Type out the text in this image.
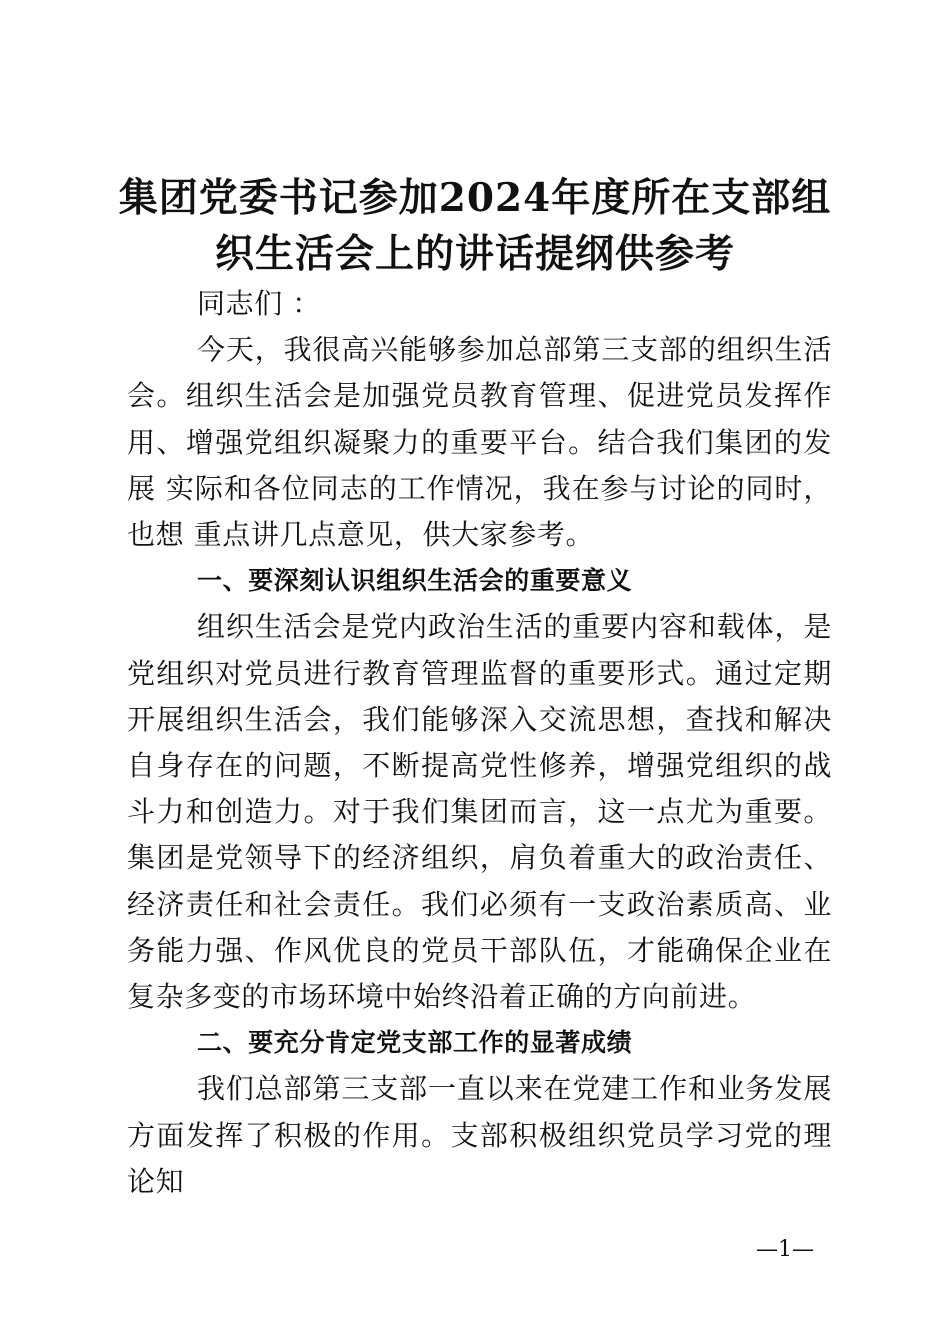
集团党委书记参加2024年度所在支部组织生活会上的讲话提纲供参考

同志们 ：

今天，我很高兴能够参加总部第三支部的组织生活会。组织生活会是加强党员教育管理、促进党员发挥作用、增强党组织凝聚力的重要平台。结合我们集团的发展 实际和各位同志的工作情况，我在参与讨论的同时，也想 重点讲几点意见，供大家参考。

一、要深刻认识组织生活会的重要意义

组织生活会是党内政治生活的重要内容和载体，是党组织对党员进行教育管理监督的重要形式。通过定期开展组织生活会，我们能够深入交流思想，查找和解决自身存在的问题，不断提高党性修养，增强党组织的战斗力和创造力。对于我们集团而言，这一点尤为重要。集团是党领导下的经济组织，肩负着重大的政治责任、经济责任和社会责任。我们必须有一支政治素质高、业务能力强、作风优良的党员干部队伍，才能确保企业在复杂多变的市场环境中始终沿着正确的方向前进。

二、要充分肯定党支部工作的显著成绩

我们总部第三支部一直以来在党建工作和业务发展方面发挥了积极的作用。支部积极组织党员学习党的理论知

—1—
